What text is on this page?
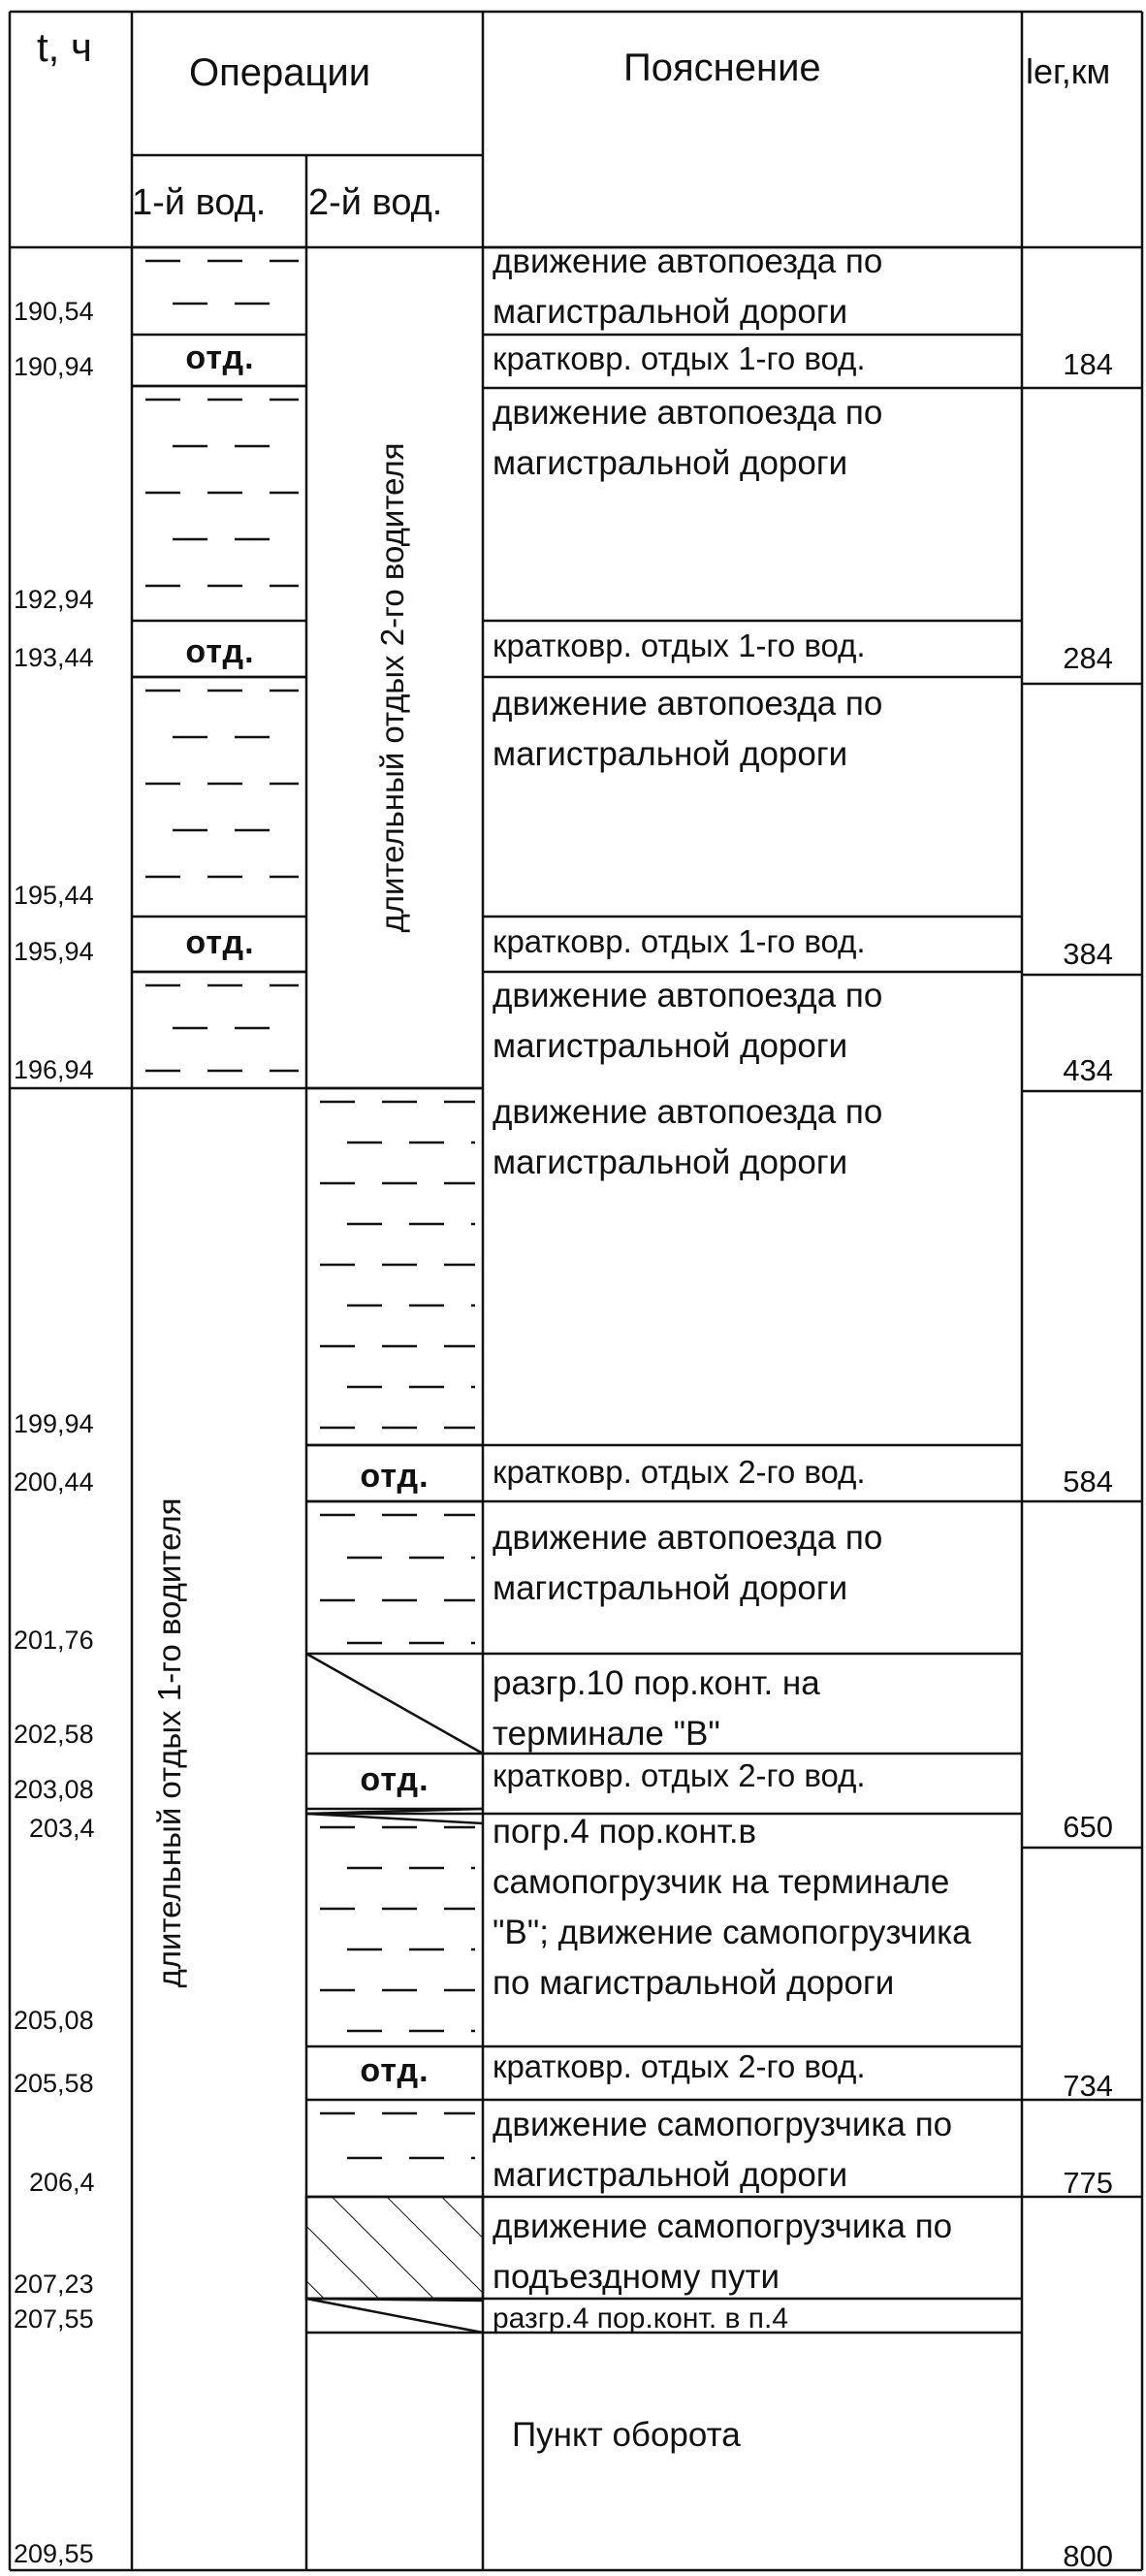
t, ч
Операции
1-й вод. 2-й вод.
Пояснение	lег,км
длительный отдых 2-го водителя
длительный отдых 1-го водителя
отд.
отд.
отд.
отд.
отд.
отд.
190,54
190,94
192,94
193,44
195,44
195,94
196,94
199,94
200,44
201,76
202,58
203,08
203,4
205,08
205,58
206,4
207,23
207,55
209,55
движение автопоезда по магистральной дороги
кратковр. отдых 1-го вод.
движение автопоезда по магистральной дороги
кратковр. отдых 1-го вод.
движение автопоезда по магистральной дороги
кратковр. отдых 1-го вод.
движение автопоезда по магистральной дороги
движение автопоезда по магистральной дороги
кратковр. отдых 2-го вод.
движение автопоезда по магистральной дороги
разгр.10 пор.конт. на терминале "В"
кратковр. отдых 2-го вод.
погр.4 пор.конт.в самопогрузчик на терминале "В"; движение самопогрузчика по магистральной дороги
кратковр. отдых 2-го вод.
движение самопогрузчика по магистральной дороги
движение самопогрузчика по подъездному пути
разгр.4 пор.конт. в п.4
Пункт оборота
184
284
384
434
584
650
734
775
800
